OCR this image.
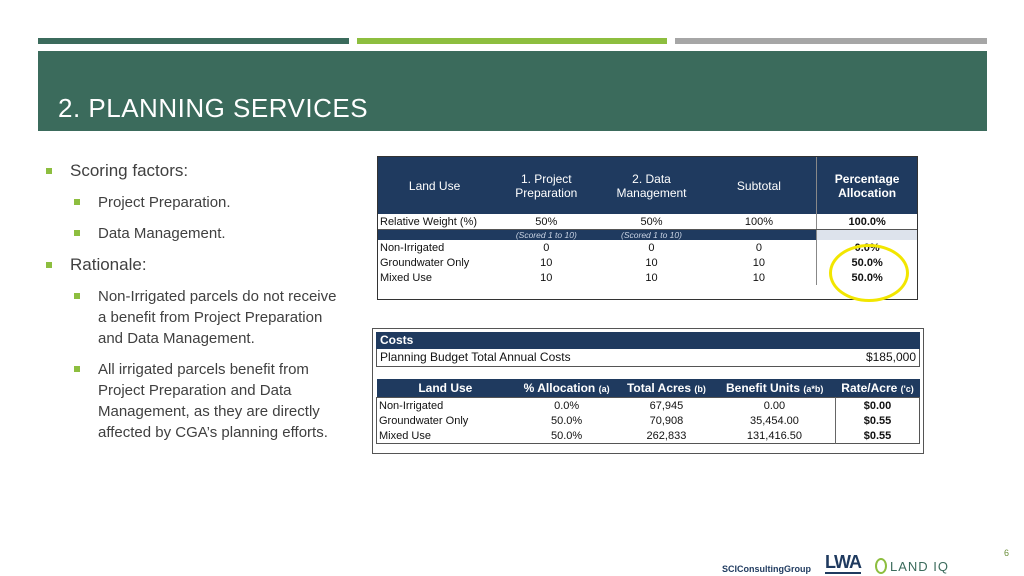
2. PLANNING SERVICES
Scoring factors:
Project Preparation.
Data Management.
Rationale:
Non-Irrigated parcels do not receive a benefit from Project Preparation and Data Management.
All irrigated parcels benefit from Project Preparation and Data Management, as they are directly affected by CGA’s planning efforts.
Land Use	1. Project Preparation	2. Data Management	Subtotal	Percentage Allocation
Relative Weight (%)	50%	50%	100%	100.0%
	(Scored 1 to 10)	(Scored 1 to 10)		
Non-Irrigated	0	0	0	0.0%
Groundwater Only	10	10	10	50.0%
Mixed Use	10	10	10	50.0%
Costs
Planning Budget Total Annual Costs	$185,000
Land Use	% Allocation (a)	Total Acres (b)	Benefit Units (a*b)	Rate/Acre ('c)
Non-Irrigated	0.0%	67,945	0.00	$0.00
Groundwater Only	50.0%	70,908	35,454.00	$0.55
Mixed Use	50.0%	262,833	131,416.50	$0.55
SCIConsultingGroup LWA LAND IQ
6
